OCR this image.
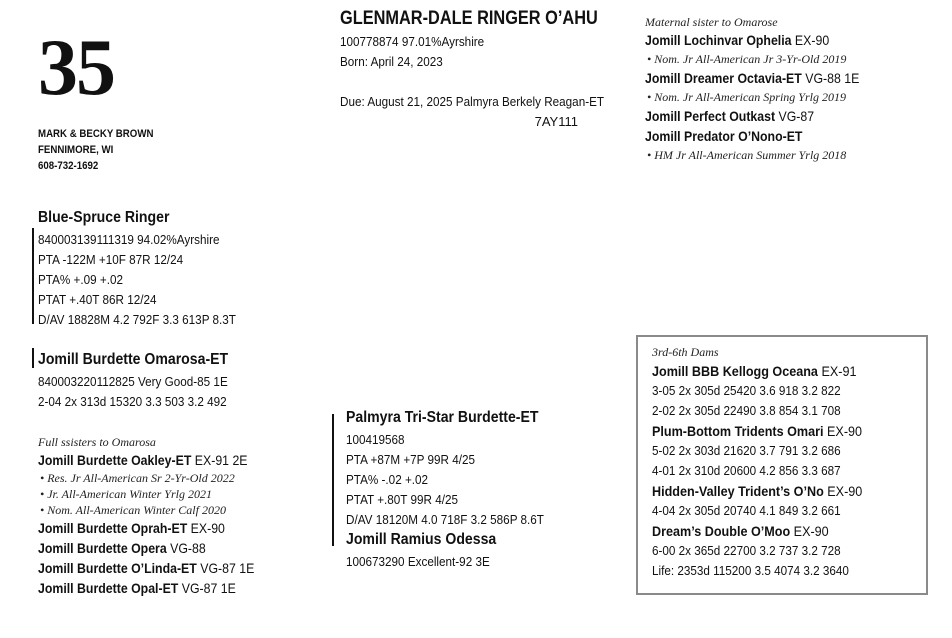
35
MARK & BECKY BROWN
FENNIMORE, WI
608-732-1692
GLENMAR-DALE RINGER O’AHU
100778874 97.01%Ayrshire
Born: April 24, 2023
Due: August 21, 2025 Palmyra Berkely Reagan-ET
7AY111
Maternal sister to Omarose
Jomill Lochinvar Ophelia EX-90
• Nom. Jr All-American Jr 3-Yr-Old 2019
Jomill Dreamer Octavia-ET VG-88 1E
• Nom. Jr All-American Spring Yrlg 2019
Jomill Perfect Outkast VG-87
Jomill Predator O’Nono-ET
• HM Jr All-American Summer Yrlg 2018
Blue-Spruce Ringer
840003139111319 94.02%Ayrshire
PTA -122M +10F 87R 12/24
PTA% +.09 +.02
PTAT +.40T 86R 12/24
D/AV 18828M 4.2 792F 3.3 613P 8.3T
Jomill Burdette Omarosa-ET
840003220112825 Very Good-85 1E
2-04 2x 313d 15320 3.3 503 3.2 492
Full ssisters to Omarosa
Jomill Burdette Oakley-ET EX-91 2E
• Res. Jr All-American Sr 2-Yr-Old 2022
• Jr. All-American Winter Yrlg 2021
• Nom. All-American Winter Calf 2020
Jomill Burdette Oprah-ET EX-90
Jomill Burdette Opera VG-88
Jomill Burdette O’Linda-ET VG-87 1E
Jomill Burdette Opal-ET VG-87 1E
Palmyra Tri-Star Burdette-ET
100419568
PTA +87M +7P 99R 4/25
PTA% -.02 +.02
PTAT +.80T 99R 4/25
D/AV 18120M 4.0 718F 3.2 586P 8.6T
Jomill Ramius Odessa
100673290 Excellent-92 3E
3rd-6th Dams
Jomill BBB Kellogg Oceana EX-91
3-05 2x 305d 25420 3.6 918 3.2 822
2-02 2x 305d 22490 3.8 854 3.1 708
Plum-Bottom Tridents Omari EX-90
5-02 2x 303d 21620 3.7 791 3.2 686
4-01 2x 310d 20600 4.2 856 3.3 687
Hidden-Valley Trident’s O’No EX-90
4-04 2x 305d 20740 4.1 849 3.2 661
Dream’s Double O’Moo EX-90
6-00 2x 365d 22700 3.2 737 3.2 728
Life: 2353d 115200 3.5 4074 3.2 3640
